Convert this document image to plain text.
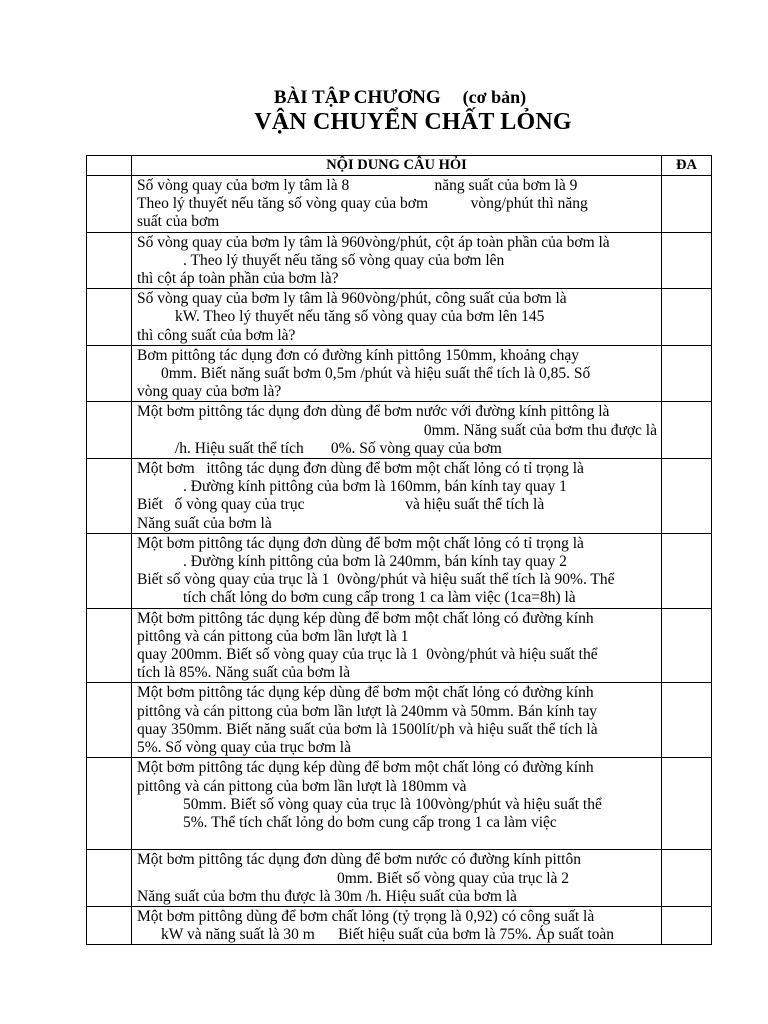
BÀI TẬP CHƯƠNG (cơ bản)
VẬN CHUYỂN CHẤT LỎNG
	NỘI DUNG CÂU HỎI	ĐA

	Số vòng quay của bơm ly tâm là 8                      năng suất của bơm là 9

Theo lý thuyết nếu tăng số vòng quay của bơm           vòng/phút thì năng

suất của bơm	

	Số vòng quay của bơm ly tâm là 960vòng/phút, cột áp toàn phần của bơm là

. Theo lý thuyết nếu tăng số vòng quay của bơm lên

thì cột áp toàn phần của bơm là?	

	Số vòng quay của bơm ly tâm là 960vòng/phút, công suất của bơm là

kW. Theo lý thuyết nếu tăng số vòng quay của bơm lên 145

thì công suất của bơm là?	

	Bơm pittông tác dụng đơn có đường kính pittông 150mm, khoảng chạy

0mm. Biết năng suất bơm 0,5m /phút và hiệu suất thể tích là 0,85. Số

vòng quay của bơm là?	

	Một bơm pittông tác dụng đơn dùng để bơm nước với đường kính pittông là

0mm. Năng suất của bơm thu được là

/h. Hiệu suất thể tích       0%. Số vòng quay của bơm	

	Một bơm   ittông tác dụng đơn dùng để bơm một chất lỏng có tỉ trọng là

. Đường kính pittông của bơm là 160mm, bán kính tay quay 1

Biết   ố vòng quay của trục                          và hiệu suất thể tích là

Năng suất của bơm là	

	Một bơm pittông tác dụng đơn dùng để bơm một chất lỏng có tỉ trọng là

. Đường kính pittông của bơm là 240mm, bán kính tay quay 2

Biết số vòng quay của trục là 1  0vòng/phút và hiệu suất thể tích là 90%. Thể

tích chất lỏng do bơm cung cấp trong 1 ca làm việc (1ca=8h) là	

	Một bơm pittông tác dụng kép dùng để bơm một chất lỏng có đường kính

pittông và cán pittong của bơm lần lượt là 1

quay 200mm. Biết số vòng quay của trục là 1  0vòng/phút và hiệu suất thể

tích là 85%. Năng suất của bơm là	

	Một bơm pittông tác dụng kép dùng để bơm một chất lỏng có đường kính

pittông và cán pittong của bơm lần lượt là 240mm và 50mm. Bán kính tay

quay 350mm. Biết năng suất của bơm là 1500lít/ph và hiệu suất thể tích là

5%. Số vòng quay của trục bơm là	

	Một bơm pittông tác dụng kép dùng để bơm một chất lỏng có đường kính

pittông và cán pittong của bơm lần lượt là 180mm và

50mm. Biết số vòng quay của trục là 100vòng/phút và hiệu suất thể

5%. Thể tích chất lỏng do bơm cung cấp trong 1 ca làm việc	

	Một bơm pittông tác dụng đơn dùng để bơm nước có đường kính pittôn

0mm. Biết số vòng quay của trục là 2

Năng suất của bơm thu được là 30m /h. Hiệu suất của bơm là	

	Một bơm pittông dùng để bơm chất lỏng (tỷ trọng là 0,92) có công suất là

kW và năng suất là 30 m      Biết hiệu suất của bơm là 75%. Áp suất toàn	
